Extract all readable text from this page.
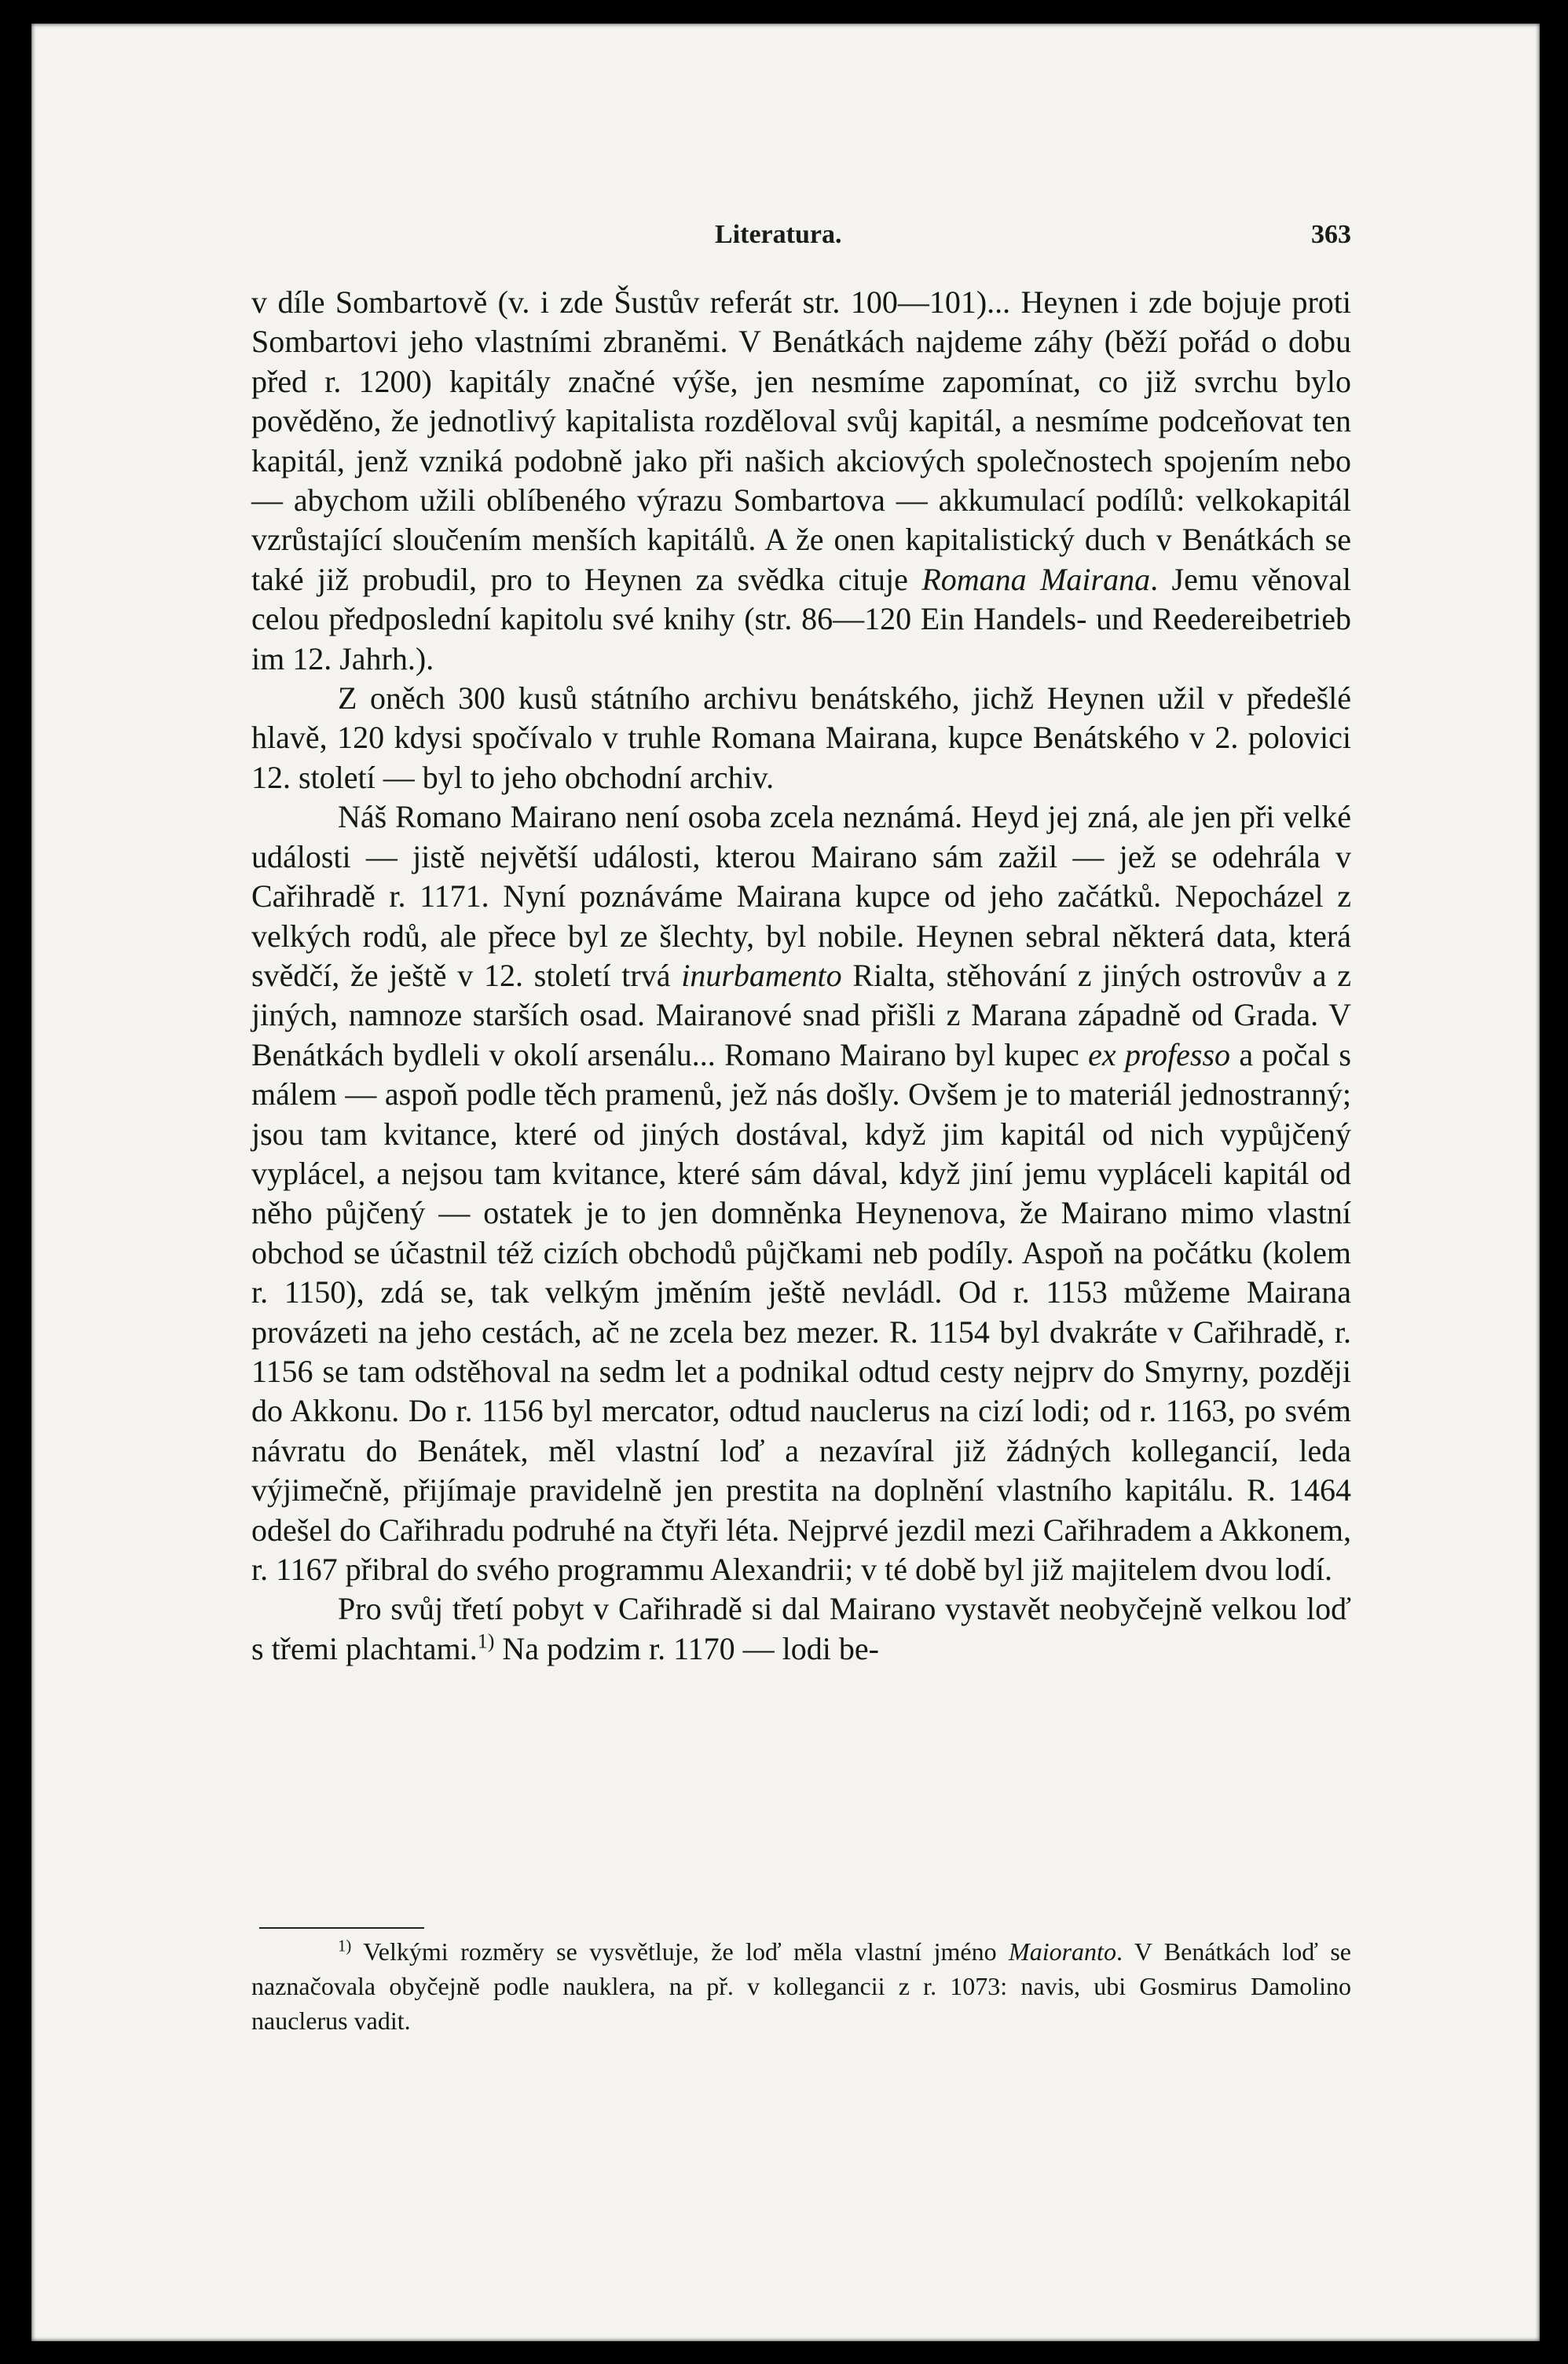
Literatura.	363

v díle Sombartově (v. i zde Šustův referát str. 100—101)... Heynen i zde bojuje proti Sombartovi jeho vlastními zbraněmi. V Benátkách najdeme záhy (běží pořád o dobu před r. 1200) kapitály značné výše, jen nesmíme zapomínat, co již svrchu bylo pověděno, že jednotlivý kapitalista rozděloval svůj kapitál, a nesmíme podceňovat ten kapitál, jenž vzniká podobně jako při našich akciových společnostech spojením nebo — abychom užili oblíbeného výrazu Sombartova — akkumulací podílů: velkokapitál vzrůstající sloučením menších kapitálů. A že onen kapitalistický duch v Benátkách se také již probudil, pro to Heynen za svědka cituje Romana Mairana. Jemu věnoval celou předposlední kapitolu své knihy (str. 86—120 Ein Handels- und Reedereibetrieb im 12. Jahrh.).

Z oněch 300 kusů státního archivu benátského, jichž Heynen užil v předešlé hlavě, 120 kdysi spočívalo v truhle Romana Mairana, kupce Benátského v 2. polovici 12. století — byl to jeho obchodní archiv.

Náš Romano Mairano není osoba zcela neznámá. Heyd jej zná, ale jen při velké události — jistě největší události, kterou Mairano sám zažil — jež se odehrála v Cařihradě r. 1171. Nyní poznáváme Mairana kupce od jeho začátků. Nepocházel z velkých rodů, ale přece byl ze šlechty, byl nobile. Heynen sebral některá data, která svědčí, že ještě v 12. století trvá inurbamento Rialta, stěhování z jiných ostrovův a z jiných, namnoze starších osad. Mairanové snad přišli z Marana západně od Grada. V Benátkách bydleli v okolí arsenálu... Romano Mairano byl kupec ex professo a počal s málem — aspoň podle těch pramenů, jež nás došly. Ovšem je to materiál jednostranný; jsou tam kvitance, které od jiných dostával, když jim kapitál od nich vypůjčený vyplácel, a nejsou tam kvitance, které sám dával, když jiní jemu vypláceli kapitál od něho půjčený — ostatek je to jen domněnka Heynenova, že Mairano mimo vlastní obchod se účastnil též cizích obchodů půjčkami neb podíly. Aspoň na počátku (kolem r. 1150), zdá se, tak velkým jměním ještě nevládl. Od r. 1153 můžeme Mairana provázeti na jeho cestách, ač ne zcela bez mezer. R. 1154 byl dvakráte v Cařihradě, r. 1156 se tam odstěhoval na sedm let a podnikal odtud cesty nejprv do Smyrny, později do Akkonu. Do r. 1156 byl mercator, odtud nauclerus na cizí lodi; od r. 1163, po svém návratu do Benátek, měl vlastní loď a nezavíral již žádných kollegancií, leda výjimečně, přijímaje pravidelně jen prestita na doplnění vlastního kapitálu. R. 1464 odešel do Cařihradu podruhé na čtyři léta. Nejprvé jezdil mezi Cařihradem a Akkonem, r. 1167 přibral do svého programmu Alexandrii; v té době byl již majitelem dvou lodí.

Pro svůj třetí pobyt v Cařihradě si dal Mairano vystavět neobyčejně velkou loď s třemi plachtami.$^{1)}$ Na podzim r. 1170 — lodi be-

$^{1)}$ Velkými rozměry se vysvětluje, že loď měla vlastní jméno Maioranto. V Benátkách loď se naznačovala obyčejně podle nauklera, na př. v kollegancii z r. 1073: navis, ubi Gosmirus Damolino nauclerus vadit.
